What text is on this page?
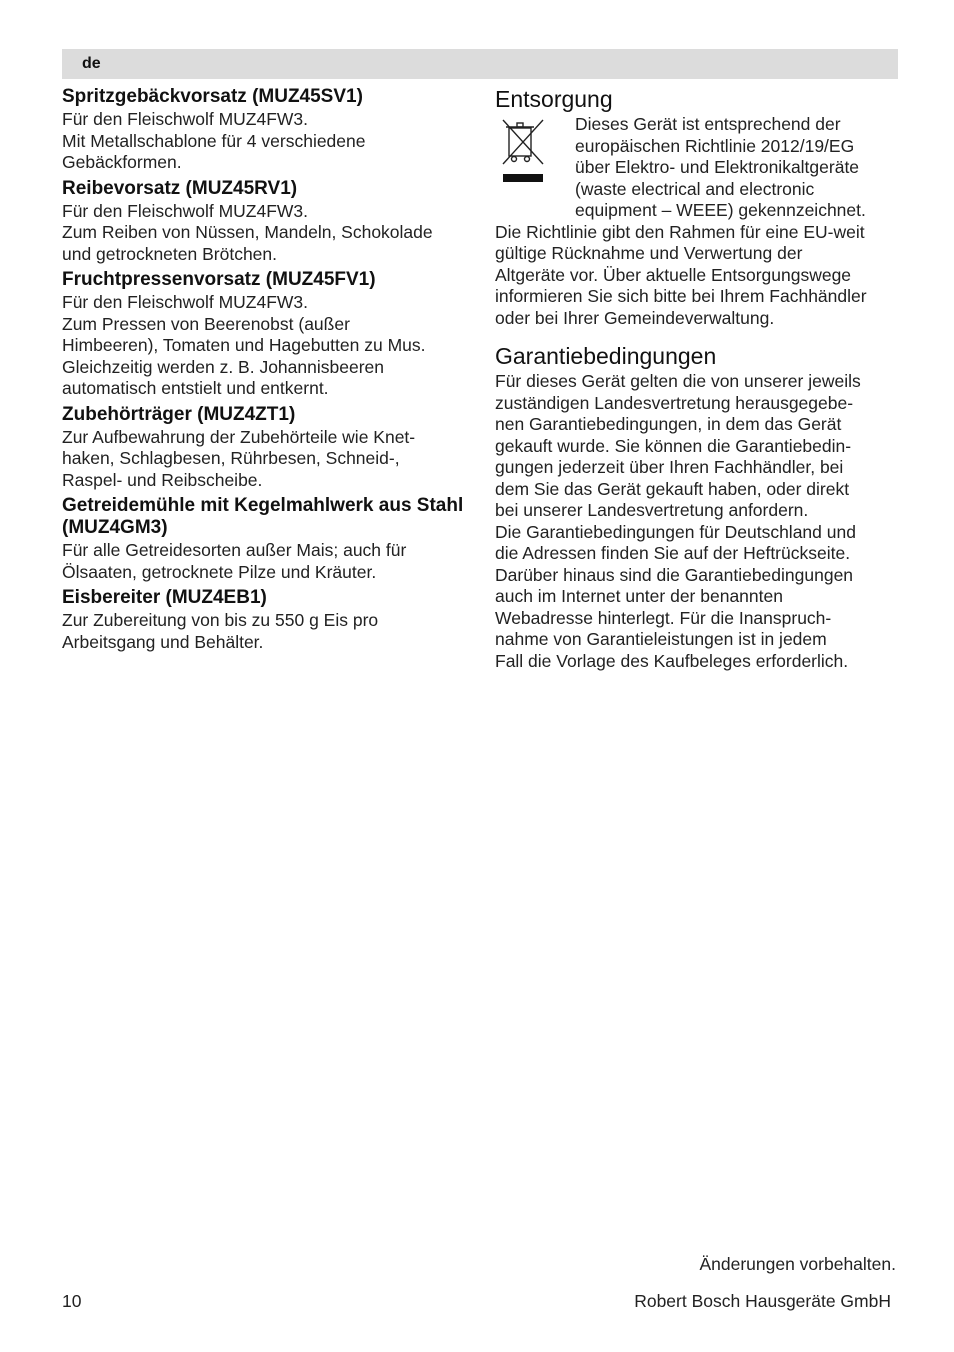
de
Spritzgebäckvorsatz (MUZ45SV1)

Für den Fleischwolf MUZ4FW3.

Mit Metallschablone für 4 verschiedene

Gebäckformen.

Reibevorsatz (MUZ45RV1)

Für den Fleischwolf MUZ4FW3.

Zum Reiben von Nüssen, Mandeln, Schokolade

und getrockneten Brötchen.

Fruchtpressenvorsatz (MUZ45FV1)

Für den Fleischwolf MUZ4FW3.

Zum Pressen von Beerenobst (außer

Himbeeren), Tomaten und Hagebutten zu Mus.

Gleichzeitig werden z. B. Johannisbeeren

automatisch entstielt und entkernt.

Zubehörträger (MUZ4ZT1)

Zur Aufbewahrung der Zubehörteile wie Knet-

haken, Schlagbesen, Rührbesen, Schneid-,

Raspel- und Reibscheibe.

Getreidemühle mit Kegelmahlwerk aus Stahl (MUZ4GM3)

Für alle Getreidesorten außer Mais; auch für

Ölsaaten, getrocknete Pilze und Kräuter.

Eisbereiter (MUZ4EB1)

Zur Zubereitung von bis zu 550 g Eis pro

Arbeitsgang und Behälter.

Entsorgung

Dieses Gerät ist entsprechend der

europäischen Richtlinie 2012/19/EG

über Elektro- und Elektronikaltgeräte

(waste electrical and electronic

equipment – WEEE) gekennzeichnet.

Die Richtlinie gibt den Rahmen für eine EU-weit

gültige Rücknahme und Verwertung der

Altgeräte vor. Über aktuelle Entsorgungswege

informieren Sie sich bitte bei Ihrem Fachhändler

oder bei Ihrer Gemeindeverwaltung.

Garantiebedingungen

Für dieses Gerät gelten die von unserer jeweils

zuständigen Landesvertretung herausgegebe-

nen Garantiebedingungen, in dem das Gerät

gekauft wurde. Sie können die Garantiebedin-

gungen jederzeit über Ihren Fachhändler, bei

dem Sie das Gerät gekauft haben, oder direkt

bei unserer Landesvertretung anfordern.

Die Garantiebedingungen für Deutschland und

die Adressen finden Sie auf der Heftrückseite.

Darüber hinaus sind die Garantiebedingungen

auch im Internet unter der benannten

Webadresse hinterlegt. Für die Inanspruch-

nahme von Garantieleistungen ist in jedem

Fall die Vorlage des Kaufbeleges erforderlich.

Änderungen vorbehalten.
10	Robert Bosch Hausgeräte GmbH
